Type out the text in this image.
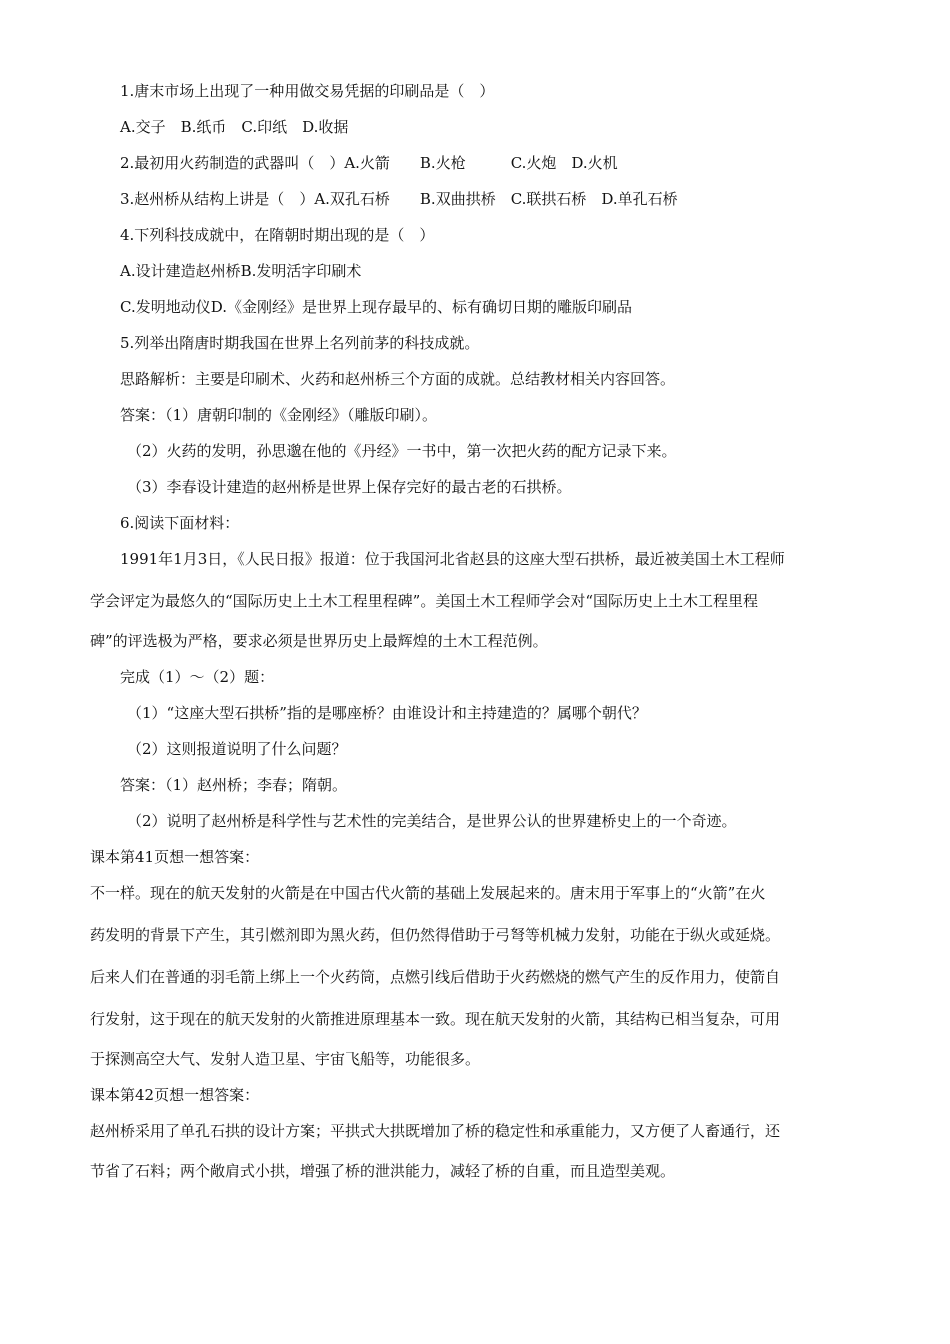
1.唐末市场上出现了一种用做交易凭据的印刷品是（　）
A.交子　B.纸币　C.印纸　D.收据
2.最初用火药制造的武器叫（　）A.火箭　　B.火枪　　　C.火炮　D.火机
3.赵州桥从结构上讲是（　）A.双孔石桥　　B.双曲拱桥　C.联拱石桥　D.单孔石桥
4.下列科技成就中，在隋朝时期出现的是（　）
A.设计建造赵州桥B.发明活字印刷术
C.发明地动仪D.《金刚经》是世界上现存最早的、标有确切日期的雕版印刷品
5.列举出隋唐时期我国在世界上名列前茅的科技成就。
思路解析：主要是印刷术、火药和赵州桥三个方面的成就。总结教材相关内容回答。
答案：（1）唐朝印制的《金刚经》（雕版印刷）。
（2）火药的发明，孙思邈在他的《丹经》一书中，第一次把火药的配方记录下来。
（3）李春设计建造的赵州桥是世界上保存完好的最古老的石拱桥。
6.阅读下面材料：
1991年1月3日，《人民日报》报道：位于我国河北省赵县的这座大型石拱桥，最近被美国土木工程师
学会评定为最悠久的“国际历史上土木工程里程碑”。美国土木工程师学会对“国际历史上土木工程里程
碑”的评选极为严格，要求必须是世界历史上最辉煌的土木工程范例。
完成（1）～（2）题：
（1）“这座大型石拱桥”指的是哪座桥？由谁设计和主持建造的？属哪个朝代？
（2）这则报道说明了什么问题？
答案：（1）赵州桥；李春；隋朝。
（2）说明了赵州桥是科学性与艺术性的完美结合，是世界公认的世界建桥史上的一个奇迹。
课本第41页想一想答案：
不一样。现在的航天发射的火箭是在中国古代火箭的基础上发展起来的。唐末用于军事上的“火箭”在火
药发明的背景下产生，其引燃剂即为黑火药，但仍然得借助于弓弩等机械力发射，功能在于纵火或延烧。
后来人们在普通的羽毛箭上绑上一个火药筒，点燃引线后借助于火药燃烧的燃气产生的反作用力，使箭自
行发射，这于现在的航天发射的火箭推进原理基本一致。现在航天发射的火箭，其结构已相当复杂，可用
于探测高空大气、发射人造卫星、宇宙飞船等，功能很多。
课本第42页想一想答案：
赵州桥采用了单孔石拱的设计方案；平拱式大拱既增加了桥的稳定性和承重能力，又方便了人畜通行，还
节省了石料；两个敞肩式小拱，增强了桥的泄洪能力，减轻了桥的自重，而且造型美观。
